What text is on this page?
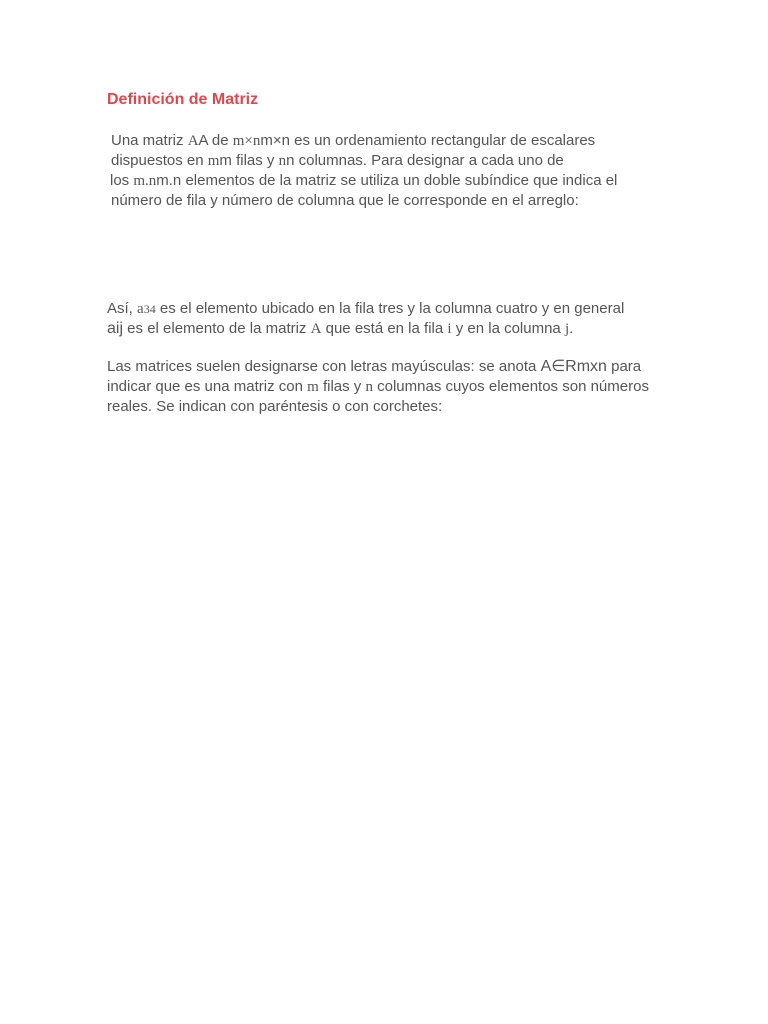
Definición de Matriz

Una matriz AA de m×nm×n es un ordenamiento rectangular de escalares
dispuestos en mm filas y nn columnas. Para designar a cada uno de
los m.nm.n elementos de la matriz se utiliza un doble subíndice que indica el
número de fila y número de columna que le corresponde en el arreglo:

Así, a34 es el elemento ubicado en la fila tres y la columna cuatro y en general
aij es el elemento de la matriz A que está en la fila i y en la columna j.

Las matrices suelen designarse con letras mayúsculas: se anota A∈Rmxn para
indicar que es una matriz con m filas y n columnas cuyos elementos son números
reales. Se indican con paréntesis o con corchetes:
